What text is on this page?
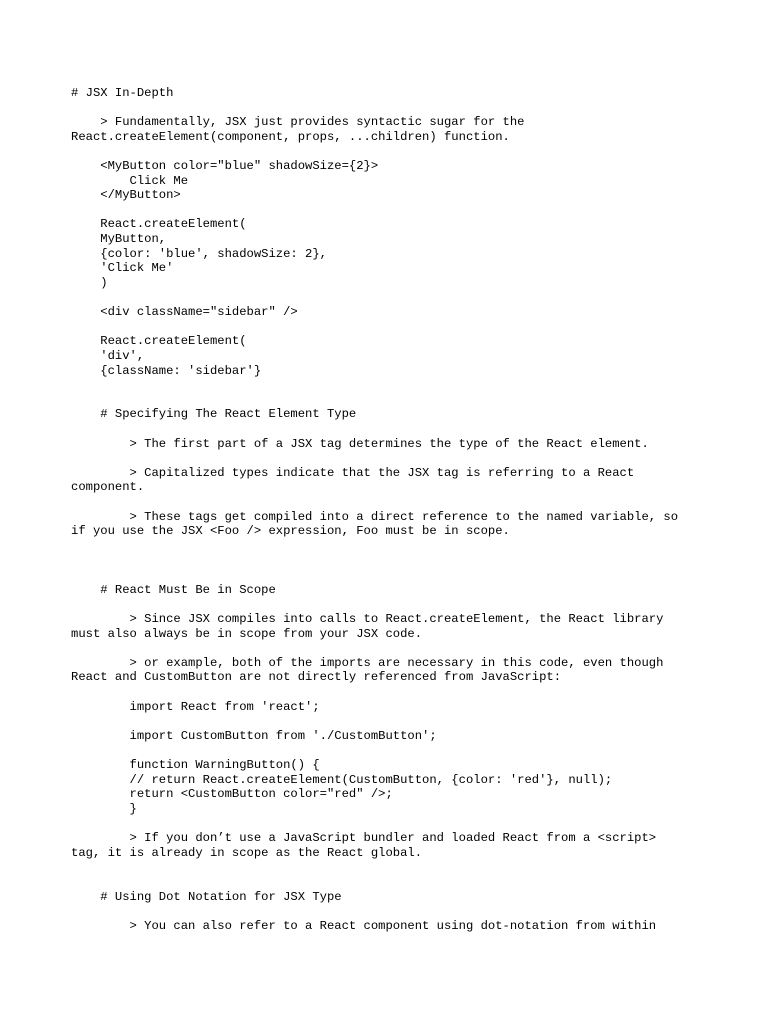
# JSX In-Depth
> Fundamentally, JSX just provides syntactic sugar for the
React.createElement(component, props, ...children) function.
<MyButton color="blue" shadowSize={2}>
Click Me
</MyButton>
React.createElement(
MyButton,
{color: 'blue', shadowSize: 2},
'Click Me'
)
<div className="sidebar" />
React.createElement(
'div',
{className: 'sidebar'}
# Specifying The React Element Type
> The first part of a JSX tag determines the type of the React element.
> Capitalized types indicate that the JSX tag is referring to a React
component.
> These tags get compiled into a direct reference to the named variable, so
if you use the JSX <Foo /> expression, Foo must be in scope.
# React Must Be in Scope
> Since JSX compiles into calls to React.createElement, the React library
must also always be in scope from your JSX code.
> or example, both of the imports are necessary in this code, even though
React and CustomButton are not directly referenced from JavaScript:
import React from 'react';
import CustomButton from './CustomButton';
function WarningButton() {
// return React.createElement(CustomButton, {color: 'red'}, null);
return <CustomButton color="red" />;
}
> If you don’t use a JavaScript bundler and loaded React from a <script>
tag, it is already in scope as the React global.
# Using Dot Notation for JSX Type
> You can also refer to a React component using dot-notation from within
